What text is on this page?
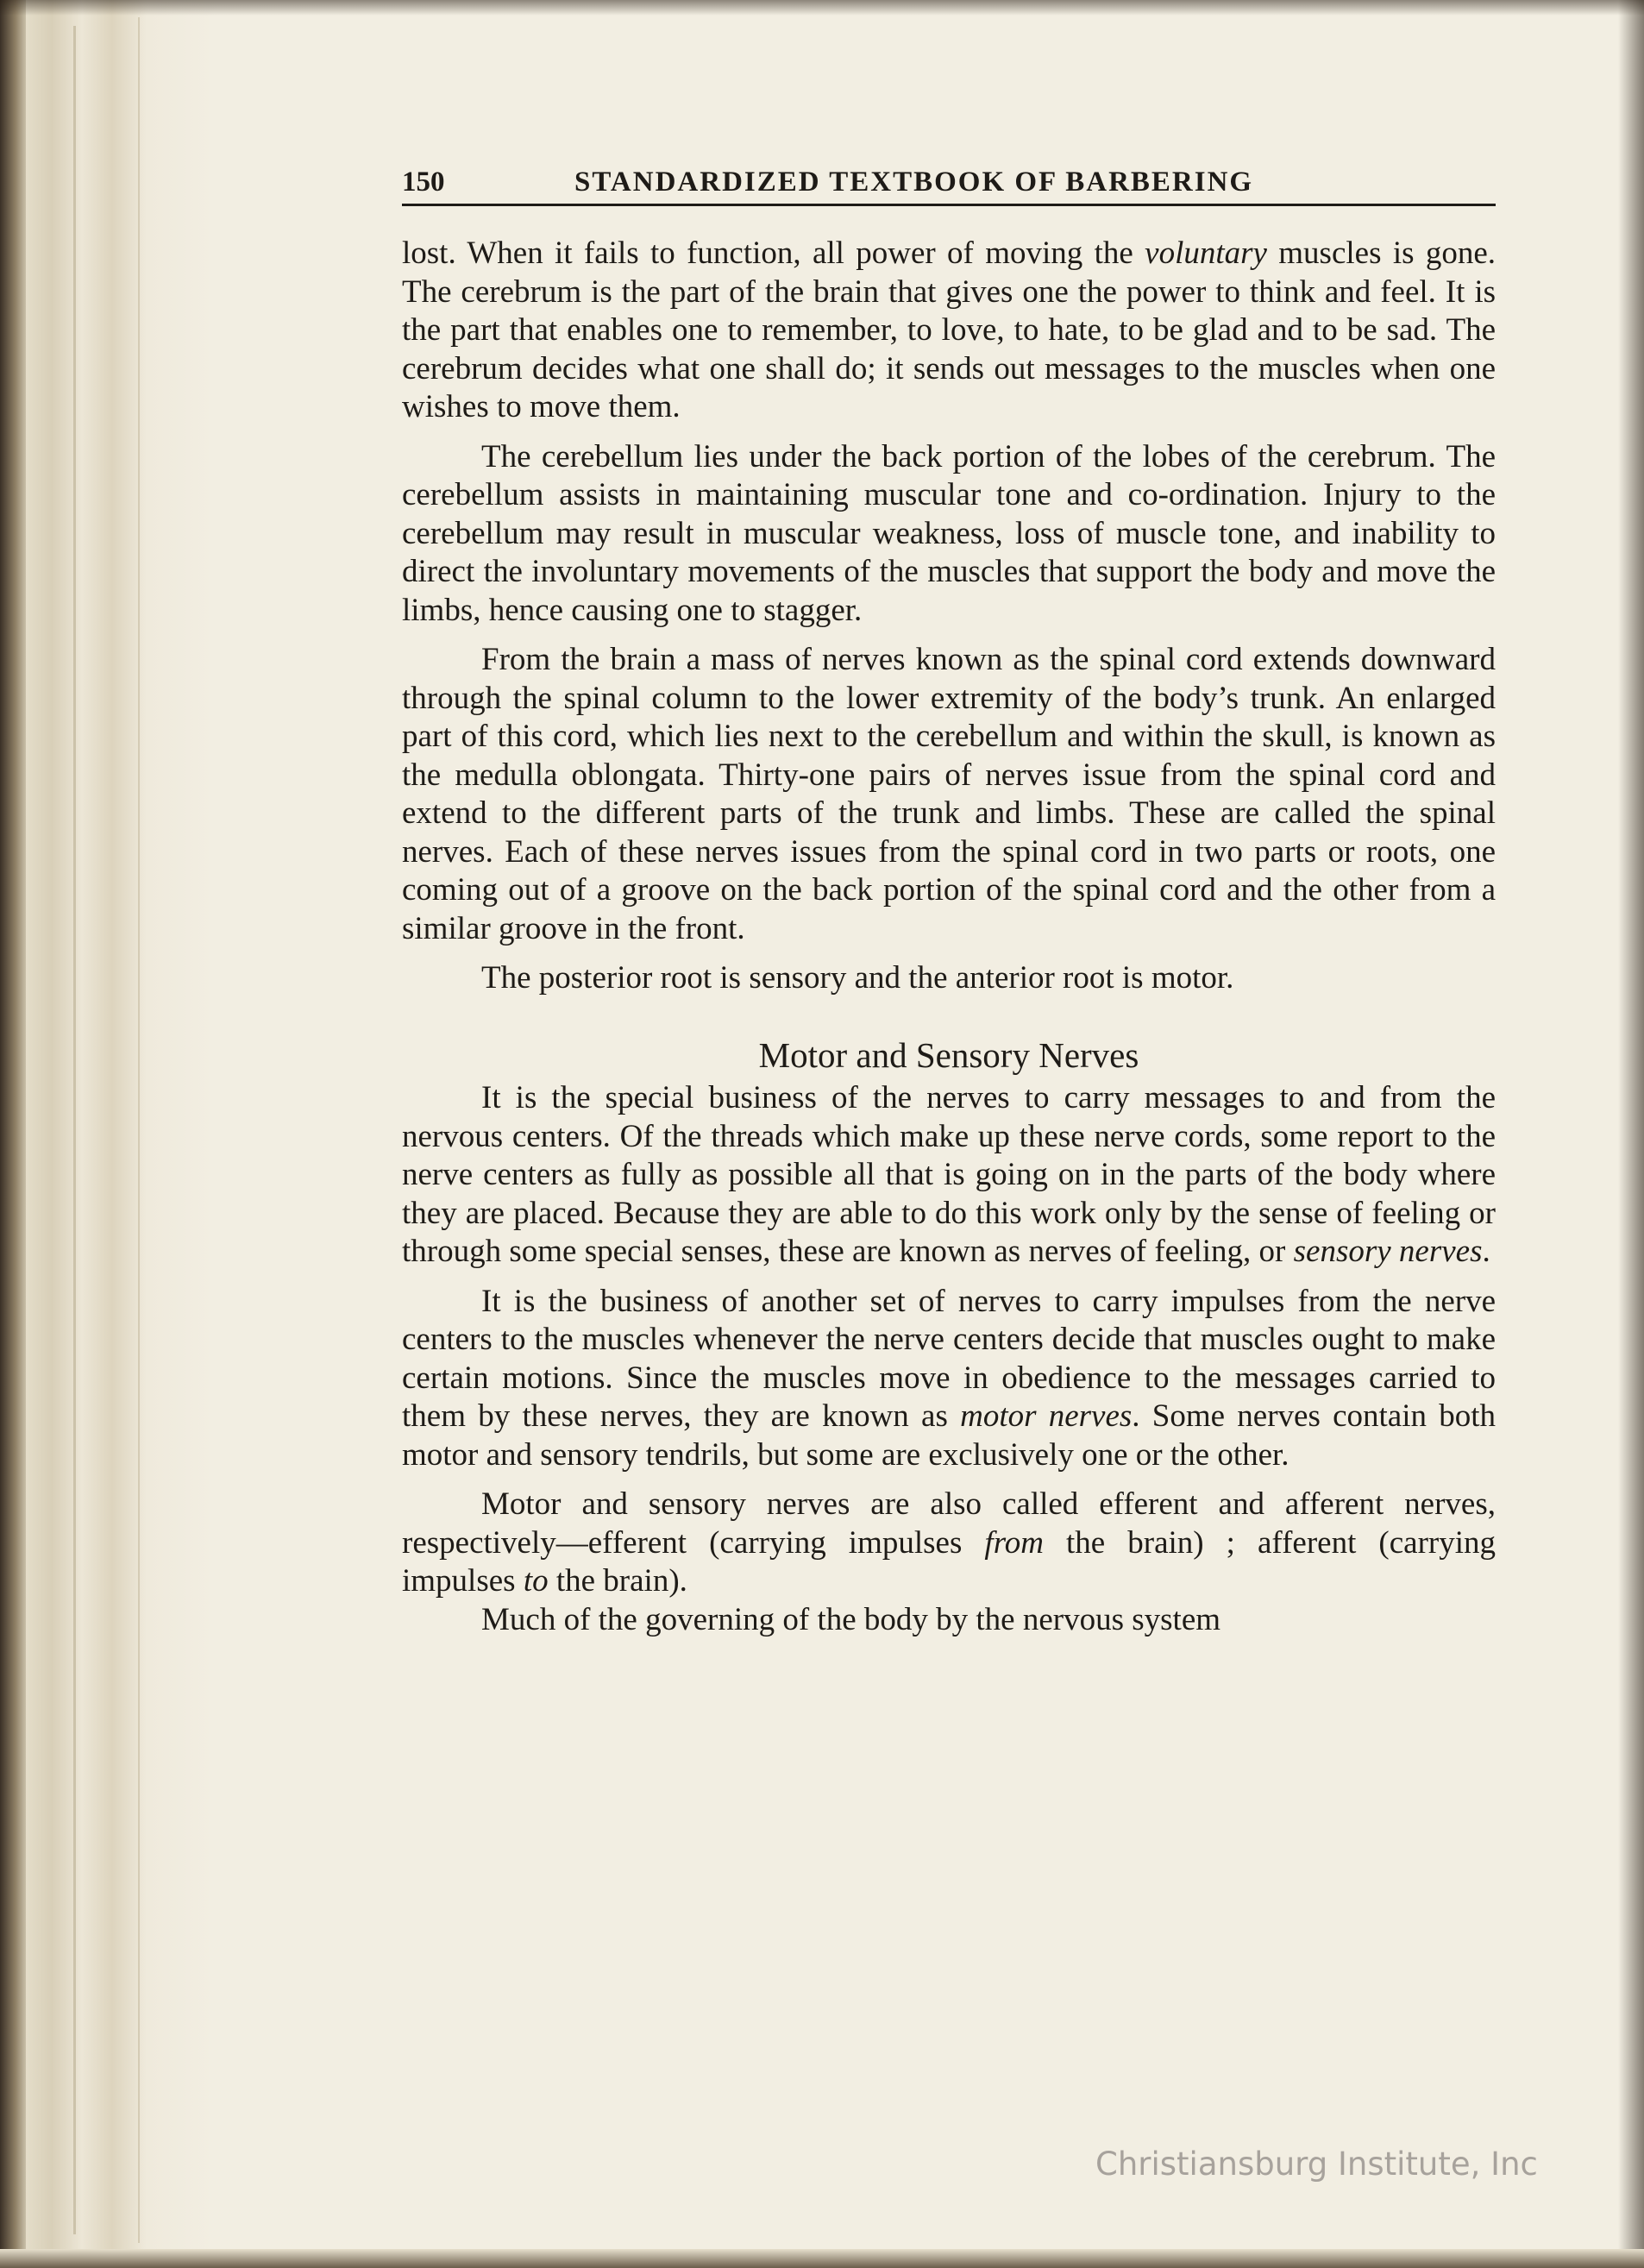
150	STANDARDIZED TEXTBOOK OF BARBERING

lost. When it fails to function, all power of moving the voluntary muscles is gone. The cerebrum is the part of the brain that gives one the power to think and feel. It is the part that enables one to remember, to love, to hate, to be glad and to be sad. The cerebrum decides what one shall do; it sends out messages to the muscles when one wishes to move them.

The cerebellum lies under the back portion of the lobes of the cerebrum. The cerebellum assists in maintaining muscular tone and co-ordination. Injury to the cerebellum may result in muscular weakness, loss of muscle tone, and inability to direct the involuntary movements of the muscles that support the body and move the limbs, hence causing one to stagger.

From the brain a mass of nerves known as the spinal cord extends downward through the spinal column to the lower extremity of the body’s trunk. An enlarged part of this cord, which lies next to the cerebellum and within the skull, is known as the medulla oblongata. Thirty-one pairs of nerves issue from the spinal cord and extend to the different parts of the trunk and limbs. These are called the spinal nerves. Each of these nerves issues from the spinal cord in two parts or roots, one coming out of a groove on the back portion of the spinal cord and the other from a similar groove in the front.

The posterior root is sensory and the anterior root is motor.

Motor and Sensory Nerves

It is the special business of the nerves to carry messages to and from the nervous centers. Of the threads which make up these nerve cords, some report to the nerve centers as fully as possible all that is going on in the parts of the body where they are placed. Because they are able to do this work only by the sense of feeling or through some special senses, these are known as nerves of feeling, or sensory nerves.

It is the business of another set of nerves to carry impulses from the nerve centers to the muscles whenever the nerve centers decide that muscles ought to make certain motions. Since the muscles move in obedience to the messages carried to them by these nerves, they are known as motor nerves. Some nerves contain both motor and sensory tendrils, but some are exclusively one or the other.

Motor and sensory nerves are also called efferent and afferent nerves, respectively—efferent (carrying impulses from the brain) ; afferent (carrying impulses to the brain).

Much of the governing of the body by the nervous system

Christiansburg Institute, Inc
